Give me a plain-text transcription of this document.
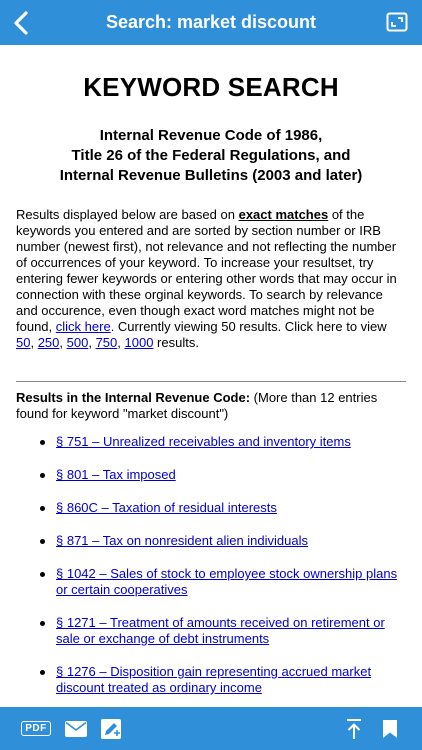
Search: market discount
KEYWORD SEARCH
Internal Revenue Code of 1986,
Title 26 of the Federal Regulations, and
Internal Revenue Bulletins (2003 and later)

Results displayed below are based on exact matches of the keywords you entered and are sorted by section number or IRB number (newest first), not relevance and not reflecting the number of occurrences of your keyword. To increase your resultset, try entering fewer keywords or entering other words that may occur in connection with these orginal keywords. To search by relevance and occurence, even though exact word matches might not be found, click here. Currently viewing 50 results. Click here to view 50, 250, 500, 750, 1000 results.

Results in the Internal Revenue Code: (More than 12 entries found for keyword "market discount")

§ 751 – Unrealized receivables and inventory items
§ 801 – Tax imposed
§ 860C – Taxation of residual interests
§ 871 – Tax on nonresident alien individuals
§ 1042 – Sales of stock to employee stock ownership plans or certain cooperatives
§ 1271 – Treatment of amounts received on retirement or sale or exchange of debt instruments
§ 1276 – Disposition gain representing accrued market discount treated as ordinary income
PDF
